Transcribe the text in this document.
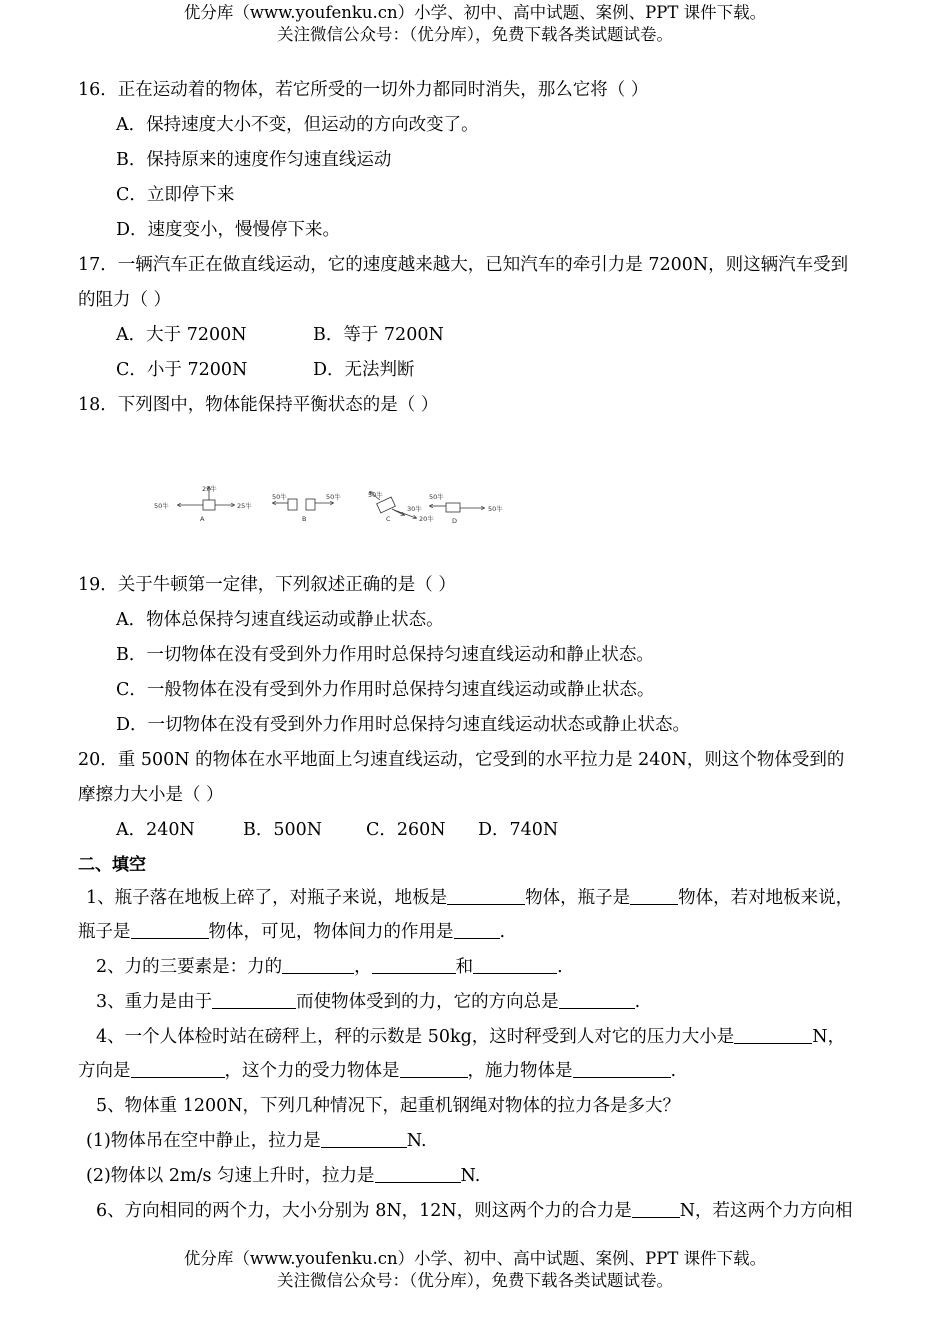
优分库（www.youfenku.cn）小学、初中、高中试题、案例、PPT 课件下载。
关注微信公众号：（优分库），免费下载各类试题试卷。
16．正在运动着的物体，若它所受的一切外力都同时消失，那么它将（ ）
A．保持速度大小不变，但运动的方向改变了。
B．保持原来的速度作匀速直线运动
C．立即停下来
D．速度变小，慢慢停下来。
17．一辆汽车正在做直线运动，它的速度越来越大，已知汽车的牵引力是 7200N，则这辆汽车受到
的阻力（ ）
A．大于 7200N	B．等于 7200N
C．小于 7200N	D．无法判断
18．下列图中，物体能保持平衡状态的是（ ）
50牛
25牛
25牛
A
50牛	50牛
B
50牛
30牛
20牛
C
50牛
50牛
D
19．关于牛顿第一定律，下列叙述正确的是（ ）
A．物体总保持匀速直线运动或静止状态。
B．一切物体在没有受到外力作用时总保持匀速直线运动和静止状态。
C．一般物体在没有受到外力作用时总保持匀速直线运动或静止状态。
D．一切物体在没有受到外力作用时总保持匀速直线运动状态或静止状态。
20．重 500N 的物体在水平地面上匀速直线运动，它受到的水平拉力是 240N，则这个物体受到的
摩擦力大小是（ ）
A．240N	B．500N	C．260N D．740N
二、填空
1、瓶子落在地板上碎了，对瓶子来说，地板是	物体，瓶子是	物体，若对地板来说，
瓶子是	物体，可见，物体间力的作用是	.
2、力的三要素是：力的	，	和	.
3、重力是由于	而使物体受到的力，它的方向总是	.
4、一个人体检时站在磅秤上，秤的示数是 50kg，这时秤受到人对它的压力大小是	N，
方向是	，这个力的受力物体是	，施力物体是	.
5、物体重 1200N，下列几种情况下，起重机钢绳对物体的拉力各是多大？
(1)物体吊在空中静止，拉力是	N.
(2)物体以 2m/s 匀速上升时，拉力是	N.
6、方向相同的两个力，大小分别为 8N，12N，则这两个力的合力是	N，若这两个力方向相
优分库（www.youfenku.cn）小学、初中、高中试题、案例、PPT 课件下载。
关注微信公众号：（优分库），免费下载各类试题试卷。
